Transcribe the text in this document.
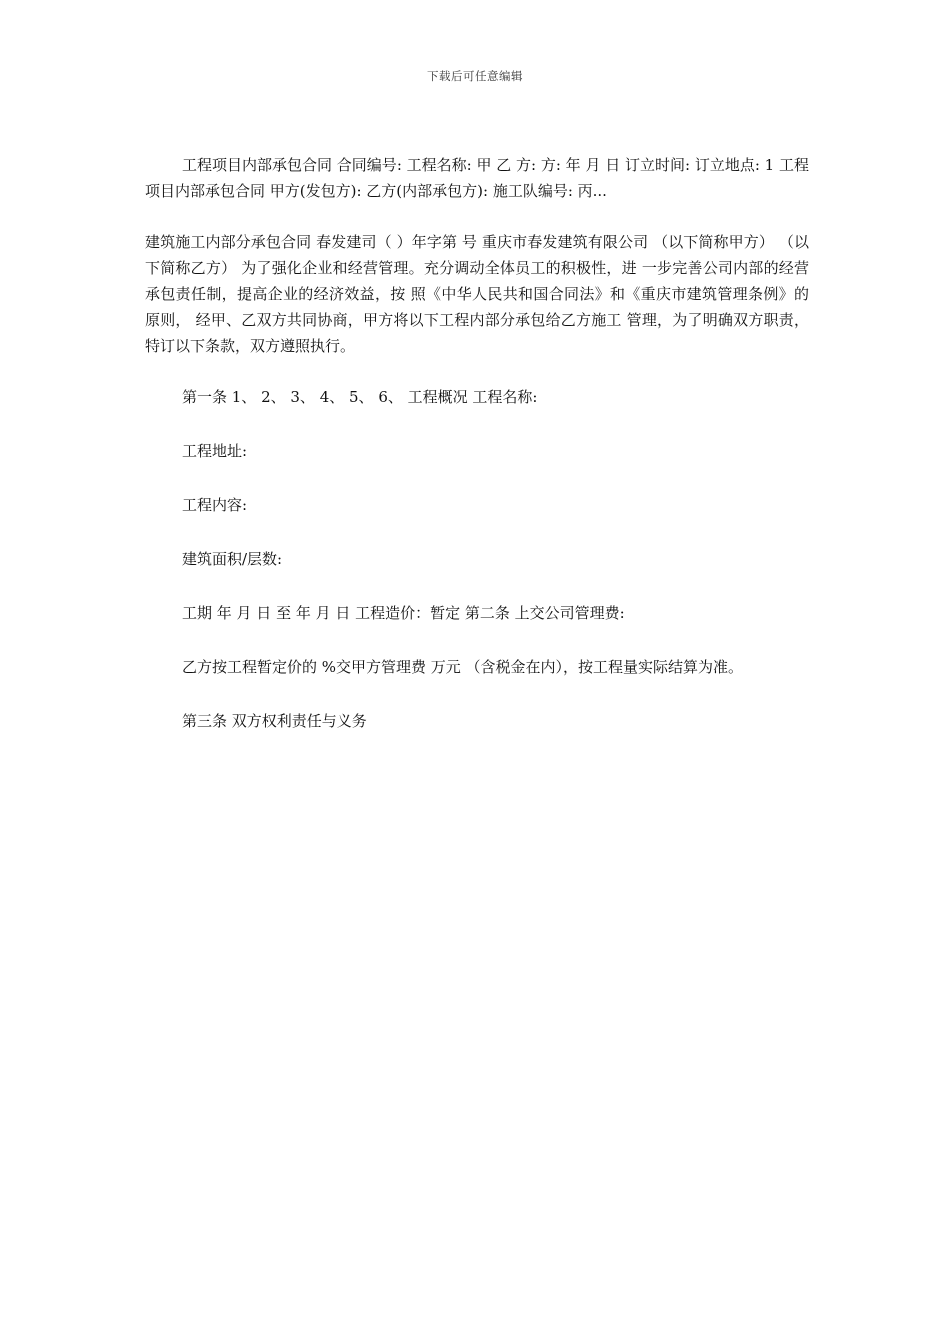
下载后可任意编辑

工程项目内部承包合同 合同编号: 工程名称: 甲 乙 方: 方: 年 月 日 订立时间: 订立地点: 1 工程项目内部承包合同 甲方(发包方): 乙方(内部承包方): 施工队编号: 丙...

建筑施工内部分承包合同 春发建司（ ）年字第 号 重庆市春发建筑有限公司 （以下简称甲方） （以下简称乙方） 为了强化企业和经营管理。充分调动全体员工的积极性，进 一步完善公司内部的经营承包责任制，提高企业的经济效益，按 照《中华人民共和国合同法》和《重庆市建筑管理条例》的原则， 经甲、乙双方共同协商，甲方将以下工程内部分承包给乙方施工 管理，为了明确双方职责，特订以下条款，双方遵照执行。

第一条 1、 2、 3、 4、 5、 6、 工程概况 工程名称:

工程地址:

工程内容:

建筑面积/层数:

工期 年 月 日 至 年 月 日 工程造价：暂定 第二条 上交公司管理费:

乙方按工程暂定价的 %交甲方管理费 万元 （含税金在内），按工程量实际结算为准。

第三条 双方权利责任与义务
